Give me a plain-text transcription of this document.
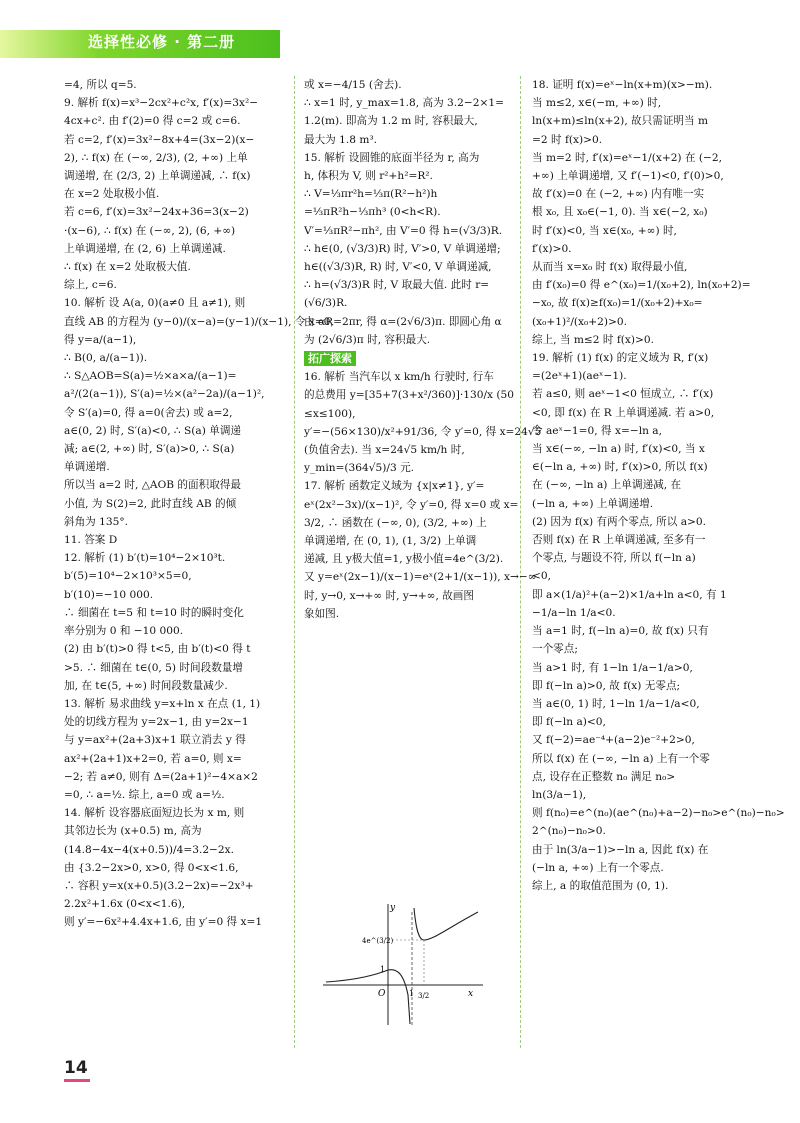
选择性必修 · 第二册
=4, 所以 q=5.
9. 解析 f(x)=x³−2cx²+c²x, f′(x)=3x²−
4cx+c². 由 f′(2)=0 得 c=2 或 c=6.
若 c=2, f′(x)=3x²−8x+4=(3x−2)(x−
2), ∴ f(x) 在 (−∞, 2/3), (2, +∞) 上单
调递增, 在 (2/3, 2) 上单调递减, ∴ f(x)
在 x=2 处取极小值.
若 c=6, f′(x)=3x²−24x+36=3(x−2)
·(x−6), ∴ f(x) 在 (−∞, 2), (6, +∞)
上单调递增, 在 (2, 6) 上单调递减.
∴ f(x) 在 x=2 处取极大值.
综上, c=6.
10. 解析 设 A(a, 0)(a≠0 且 a≠1), 则
直线 AB 的方程为 (y−0)/(x−a)=(y−1)/(x−1), 令 x=0,
得 y=a/(a−1),
∴ B(0, a/(a−1)).
∴ S△AOB=S(a)=½×a×a/(a−1)=
a²/(2(a−1)), S′(a)=½×(a²−2a)/(a−1)²,
令 S′(a)=0, 得 a=0(舍去) 或 a=2,
a∈(0, 2) 时, S′(a)<0, ∴ S(a) 单调递
减; a∈(2, +∞) 时, S′(a)>0, ∴ S(a)
单调递增.
所以当 a=2 时, △AOB 的面积取得最
小值, 为 S(2)=2, 此时直线 AB 的倾
斜角为 135°.
11. 答案 D
12. 解析 (1) b′(t)=10⁴−2×10³t.
b′(5)=10⁴−2×10³×5=0,
b′(10)=−10 000.
∴ 细菌在 t=5 和 t=10 时的瞬时变化
率分别为 0 和 −10 000.
(2) 由 b′(t)>0 得 t<5, 由 b′(t)<0 得 t
>5. ∴ 细菌在 t∈(0, 5) 时间段数量增
加, 在 t∈(5, +∞) 时间段数量减少.
13. 解析 易求曲线 y=x+ln x 在点 (1, 1)
处的切线方程为 y=2x−1, 由 y=2x−1
与 y=ax²+(2a+3)x+1 联立消去 y 得
ax²+(2a+1)x+2=0, 若 a=0, 则 x=
−2; 若 a≠0, 则有 Δ=(2a+1)²−4×a×2
=0, ∴ a=½. 综上, a=0 或 a=½.
14. 解析 设容器底面短边长为 x m, 则
其邻边长为 (x+0.5) m, 高为
(14.8−4x−4(x+0.5))/4=3.2−2x.
由 {3.2−2x>0, x>0, 得 0<x<1.6,
∴ 容积 y=x(x+0.5)(3.2−2x)=−2x³+
2.2x²+1.6x (0<x<1.6),
则 y′=−6x²+4.4x+1.6, 由 y′=0 得 x=1
或 x=−4/15 (舍去).
∴ x=1 时, y_max=1.8, 高为 3.2−2×1=
1.2(m). 即高为 1.2 m 时, 容积最大,
最大为 1.8 m³.
15. 解析 设圆锥的底面半径为 r, 高为
h, 体积为 V, 则 r²+h²=R².
∴ V=⅓πr²h=⅓π(R²−h²)h
=⅓πR²h−⅓πh³ (0<h<R).
V′=⅓πR²−πh², 由 V′=0 得 h=(√3/3)R.
∴ h∈(0, (√3/3)R) 时, V′>0, V 单调递增;
h∈((√3/3)R, R) 时, V′<0, V 单调递减,
∴ h=(√3/3)R 时, V 取最大值. 此时 r=
(√6/3)R.
由 αR=2πr, 得 α=(2√6/3)π. 即圆心角 α
为 (2√6/3)π 时, 容积最大.
拓广探索

16. 解析 当汽车以 x km/h 行驶时, 行车
的总费用 y=[35+7(3+x²/360)]·130/x (50
≤x≤100),
y′=−(56×130)/x²+91/36, 令 y′=0, 得 x=24√5
(负值舍去). 当 x=24√5 km/h 时,
y_min=(364√5)/3 元.
17. 解析 函数定义域为 {x|x≠1}, y′=
eˣ(2x²−3x)/(x−1)², 令 y′=0, 得 x=0 或 x=
3/2, ∴ 函数在 (−∞, 0), (3/2, +∞) 上
单调递增, 在 (0, 1), (1, 3/2) 上单调
递减, 且 y极大值=1, y极小值=4e^(3/2).
又 y=eˣ(2x−1)/(x−1)=eˣ(2+1/(x−1)), x→−∞
时, y→0, x→+∞ 时, y→+∞, 故画图
象如图.
18. 证明 f(x)=eˣ−ln(x+m)(x>−m).
当 m≤2, x∈(−m, +∞) 时,
ln(x+m)≤ln(x+2), 故只需证明当 m
=2 时 f(x)>0.
当 m=2 时, f′(x)=eˣ−1/(x+2) 在 (−2,
+∞) 上单调递增, 又 f′(−1)<0, f′(0)>0,
故 f′(x)=0 在 (−2, +∞) 内有唯一实
根 x₀, 且 x₀∈(−1, 0). 当 x∈(−2, x₀)
时 f′(x)<0, 当 x∈(x₀, +∞) 时,
f′(x)>0.
从而当 x=x₀ 时 f(x) 取得最小值,
由 f′(x₀)=0 得 e^(x₀)=1/(x₀+2), ln(x₀+2)=
−x₀, 故 f(x)≥f(x₀)=1/(x₀+2)+x₀=
(x₀+1)²/(x₀+2)>0.
综上, 当 m≤2 时 f(x)>0.
19. 解析 (1) f(x) 的定义域为 R, f′(x)
=(2eˣ+1)(aeˣ−1).
若 a≤0, 则 aeˣ−1<0 恒成立, ∴ f′(x)
<0, 即 f(x) 在 R 上单调递减. 若 a>0,
令 aeˣ−1=0, 得 x=−ln a,
当 x∈(−∞, −ln a) 时, f′(x)<0, 当 x
∈(−ln a, +∞) 时, f′(x)>0, 所以 f(x)
在 (−∞, −ln a) 上单调递减, 在
(−ln a, +∞) 上单调递增.
(2) 因为 f(x) 有两个零点, 所以 a>0.
否则 f(x) 在 R 上单调递减, 至多有一
个零点, 与题设不符, 所以 f(−ln a)
<0,
即 a×(1/a)²+(a−2)×1/a+ln a<0, 有 1
−1/a−ln 1/a<0.
当 a=1 时, f(−ln a)=0, 故 f(x) 只有
一个零点;
当 a>1 时, 有 1−ln 1/a−1/a>0,
即 f(−ln a)>0, 故 f(x) 无零点;
当 a∈(0, 1) 时, 1−ln 1/a−1/a<0,
即 f(−ln a)<0,
又 f(−2)=ae⁻⁴+(a−2)e⁻²+2>0,
所以 f(x) 在 (−∞, −ln a) 上有一个零
点, 设存在正整数 n₀ 满足 n₀>
ln(3/a−1),
则 f(n₀)=e^(n₀)(ae^(n₀)+a−2)−n₀>e^(n₀)−n₀>
2^(n₀)−n₀>0.
由于 ln(3/a−1)>−ln a, 因此 f(x) 在
(−ln a, +∞) 上有一个零点.
综上, a 的取值范围为 (0, 1).
y
x
O
1
4e^(3/2)
1 3/2
14
